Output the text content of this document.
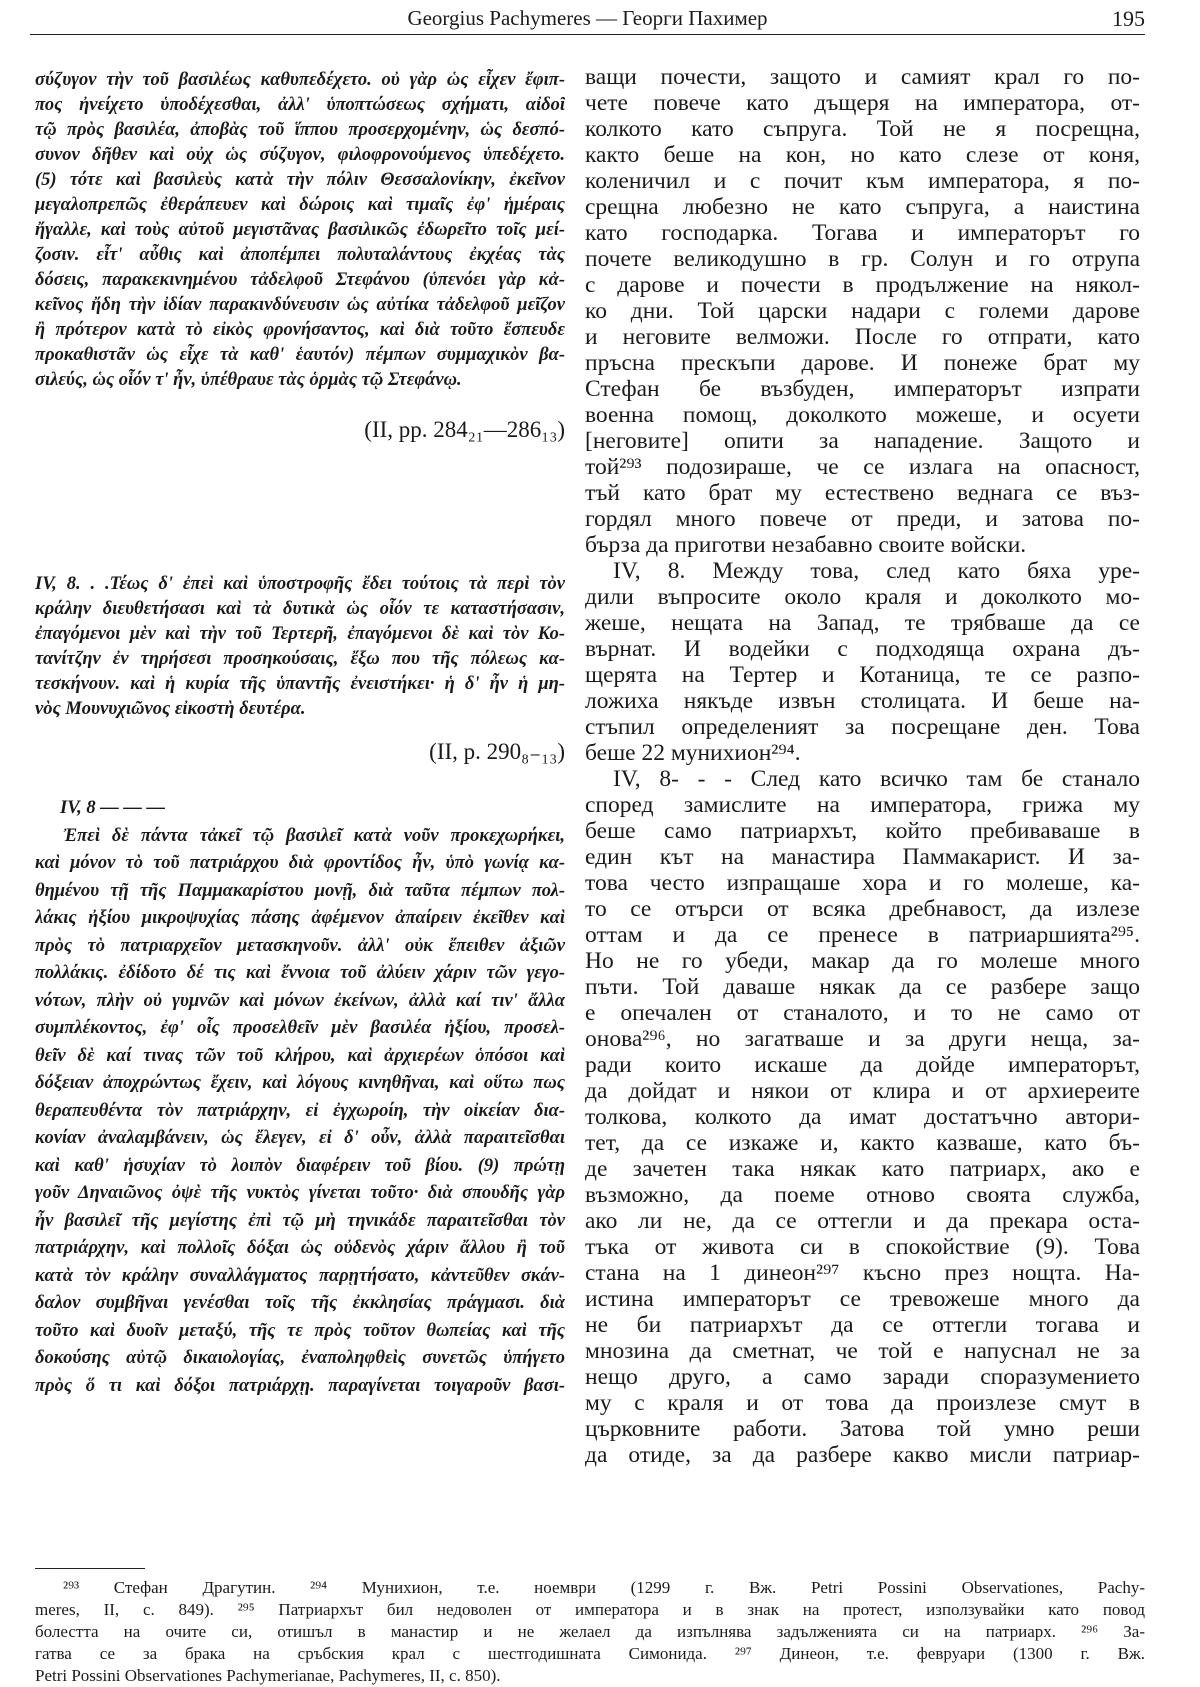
Georgius Pachymeres — Георги Пахимер	195
σύζυγον τὴν τοῦ βασιλέως καθυπεδέχετο. οὐ γὰρ ὡς εἶχεν ἔφιπ-
πος ἠνείχετο ὑποδέχεσθαι, ἀλλ' ὑποπτώσεως σχήματι, αἰδοῖ
τῷ πρὸς βασιλέα, ἀποβὰς τοῦ ἵππου προσερχομένην, ὡς δεσπό-
συνον δῆθεν καὶ οὐχ ὡς σύζυγον, φιλοφρονούμενος ὑπεδέχετο.
(5) τότε καὶ βασιλεὺς κατὰ τὴν πόλιν Θεσσαλονίκην, ἐκεῖνον
μεγαλοπρεπῶς ἐθεράπευεν καὶ δώροις καὶ τιμαῖς ἐφ' ἡμέραις
ἤγαλλε, καὶ τοὺς αὐτοῦ μεγιστᾶνας βασιλικῶς ἐδωρεῖτο τοῖς μεί-
ζοσιν. εἶτ' αὖθις καὶ ἀποπέμπει πολυταλάντους ἐκχέας τὰς
δόσεις, παρακεκινημένου τἀδελφοῦ Στεφάνου (ὑπενόει γὰρ κἀ-
κεῖνος ἤδη τὴν ἰδίαν παρακινδύνευσιν ὡς αὐτίκα τἀδελφοῦ μεῖζον
ἢ πρότερον κατὰ τὸ εἰκὸς φρονήσαντος, καὶ διὰ τοῦτο ἔσπευδε
προκαθιστᾶν ὡς εἶχε τὰ καθ' ἑαυτόν) πέμπων συμμαχικὸν βα-
σιλεύς, ὡς οἷόν τ' ἦν, ὑπέθραυε τὰς ὁρμὰς τῷ Στεφάνῳ.
(II, pp. 284₂₁—286₁₃)
IV, 8. . .Τέως δ' ἐπεὶ καὶ ὑποστροφῆς ἔδει τούτοις τὰ περὶ τὸν
κράλην διευθετήσασι καὶ τὰ δυτικὰ ὡς οἷόν τε καταστήσασιν,
ἐπαγόμενοι μὲν καὶ τὴν τοῦ Τερτερῆ, ἐπαγόμενοι δὲ καὶ τὸν Κο-
τανίτζην ἐν τηρήσεσι προσηκούσαις, ἔξω που τῆς πόλεως κα-
τεσκήνουν. καὶ ἡ κυρία τῆς ὑπαντῆς ἐνειστήκει· ἡ δ' ἦν ἡ μη-
νὸς Μουνυχιῶνος εἰκοστὴ δευτέρα.
(II, p. 290₈₋₁₃)
IV, 8 — — —
Ἐπεὶ δὲ πάντα τἀκεῖ τῷ βασιλεῖ κατὰ νοῦν προκεχωρήκει,
καὶ μόνον τὸ τοῦ πατριάρχου διὰ φροντίδος ἦν, ὑπὸ γωνίᾳ κα-
θημένου τῇ τῆς Παμμακαρίστου μονῇ, διὰ ταῦτα πέμπων πολ-
λάκις ἠξίου μικροψυχίας πάσης ἀφέμενον ἀπαίρειν ἐκεῖθεν καὶ
πρὸς τὸ πατριαρχεῖον μετασκηνοῦν. ἀλλ' οὐκ ἔπειθεν ἀξιῶν
πολλάκις. ἐδίδοτο δέ τις καὶ ἔννοια τοῦ ἀλύειν χάριν τῶν γεγο-
νότων, πλὴν οὐ γυμνῶν καὶ μόνων ἐκείνων, ἀλλὰ καί τιν' ἄλλα
συμπλέκοντος, ἐφ' οἷς προσελθεῖν μὲν βασιλέα ἠξίου, προσελ-
θεῖν δὲ καί τινας τῶν τοῦ κλήρου, καὶ ἀρχιερέων ὁπόσοι καὶ
δόξειαν ἀποχρώντως ἔχειν, καὶ λόγους κινηθῆναι, καὶ οὕτω πως
θεραπευθέντα τὸν πατριάρχην, εἰ ἐγχωροίη, τὴν οἰκείαν δια-
κονίαν ἀναλαμβάνειν, ὡς ἔλεγεν, εἰ δ' οὖν, ἀλλὰ παραιτεῖσθαι
καὶ καθ' ἡσυχίαν τὸ λοιπὸν διαφέρειν τοῦ βίου. (9) πρώτῃ
γοῦν Δηναιῶνος ὀψὲ τῆς νυκτὸς γίνεται τοῦτο· διὰ σπουδῆς γὰρ
ἦν βασιλεῖ τῆς μεγίστης ἐπὶ τῷ μὴ τηνικάδε παραιτεῖσθαι τὸν
πατριάρχην, καὶ πολλοῖς δόξαι ὡς οὐδενὸς χάριν ἄλλου ἢ τοῦ
κατὰ τὸν κράλην συναλλάγματος παρῃτήσατο, κἀντεῦθεν σκάν-
δαλον συμβῆναι γενέσθαι τοῖς τῆς ἐκκλησίας πράγμασι. διὰ
τοῦτο καὶ δυοῖν μεταξύ, τῆς τε πρὸς τοῦτον θωπείας καὶ τῆς
δοκούσης αὐτῷ δικαιολογίας, ἐναποληφθεὶς συνετῶς ὑπήγετο
πρὸς ὅ τι καὶ δόξοι πατριάρχῃ. παραγίνεται τοιγαροῦν βασι-
ващи почести, защото и самият крал го по-
чете повече като дъщеря на императора, от-
колкото като съпруга. Той не я посрещна,
както беше на кон, но като слезе от коня,
коленичил и с почит към императора, я по-
срещна любезно не като съпруга, а наистина
като господарка. Тогава и императорът го
почете великодушно в гр. Солун и го отрупа
с дарове и почести в продължение на някол-
ко дни. Той царски надари с големи дарове
и неговите велможи. После го отпрати, като
пръсна прескъпи дарове. И понеже брат му
Стефан бе възбуден, императорът изпрати
военна помощ, доколкото можеше, и осуети
[неговите] опити за нападение. Защото и
той²⁹³ подозираше, че се излага на опасност,
тъй като брат му естествено веднага се въз-
гордял много повече от преди, и затова по-
бърза да приготви незабавно своите войски.
IV, 8. Между това, след като бяха уре-
дили въпросите около краля и доколкото мо-
жеше, нещата на Запад, те трябваше да се
върнат. И водейки с подходяща охрана дъ-
щерята на Тертер и Котаница, те се разпо-
ложиха някъде извън столицата. И беше на-
стъпил определеният за посрещане ден. Това
беше 22 мунихион²⁹⁴.
IV, 8- - - След като всичко там бе станало
според замислите на императора, грижа му
беше само патриархът, който пребиваваше в
един кът на манастира Паммакарист. И за-
това често изпращаше хора и го молеше, ка-
то се отърси от всяка дребнавост, да излезе
оттам и да се пренесе в патриаршията²⁹⁵.
Но не го убеди, макар да го молеше много
пъти. Той даваше някак да се разбере защо
е опечален от станалото, и то не само от
онова²⁹⁶, но загатваше и за други неща, за-
ради които искаше да дойде императорът,
да дойдат и някои от клира и от архиереите
толкова, колкото да имат достатъчно автори-
тет, да се изкаже и, както казваше, като бъ-
де зачетен така някак като патриарх, ако е
възможно, да поеме отново своята служба,
ако ли не, да се оттегли и да прекара оста-
тъка от живота си в спокойствие (9). Това
стана на 1 динеон²⁹⁷ късно през нощта. На-
истина императорът се тревожеше много да
не би патриархът да се оттегли тогава и
мнозина да сметнат, че той е напуснал не за
нещо друго, а само заради споразумението
му с краля и от това да произлезе смут в
църковните работи. Затова той умно реши
да отиде, за да разбере какво мисли патриар-
²⁹³ Стефан Драгутин. ²⁹⁴ Мунихион, т.е. ноември (1299 г. Вж. Petri Possini Observationes, Pachy-
meres, II, с. 849). ²⁹⁵ Патриархът бил недоволен от императора и в знак на протест, използувайки като повод
болестта на очите си, отишъл в манастир и не желаел да изпълнява задълженията си на патриарх. ²⁹⁶ За-
гатва се за брака на сръбския крал с шестгодишната Симонида. ²⁹⁷ Динеон, т.е. февруари (1300 г. Вж.
Petri Possini Observationes Pachymerianae, Pachymeres, II, с. 850).
